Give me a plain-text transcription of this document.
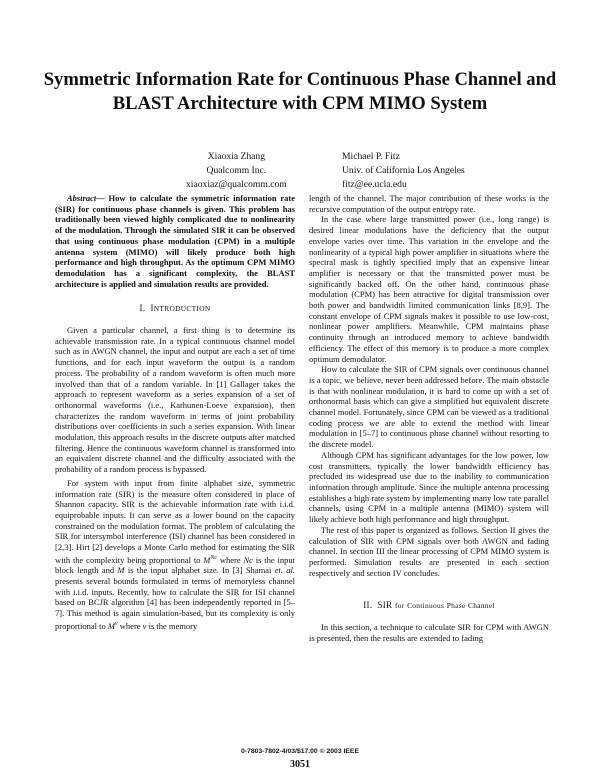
Symmetric Information Rate for Continuous Phase Channel and BLAST Architecture with CPM MIMO System
Xiaoxia Zhang
Qualcomm Inc.
xiaoxiaz@qualcomm.com
Michael P. Fitz
Univ. of California Los Angeles
fitz@ee.ucla.edu

Abstract— How to calculate the symmetric information rate (SIR) for continuous phase channels is given. This problem has traditionally been viewed highly complicated due to nonlinearity of the modulation. Through the simulated SIR it can be observed that using continuous phase modulation (CPM) in a multiple antenna system (MIMO) will likely produce both high performance and high throughput. As the optimum CPM MIMO demodulation has a significant complexity, the BLAST architecture is applied and simulation results are provided.

I. INTRODUCTION

Given a particular channel, a first thing is to determine its achievable transmission rate. In a typical continuous channel model such as in AWGN channel, the input and output are each a set of time functions, and for each input waveform the output is a random process. The probability of a random waveform is often much more involved than that of a random variable. In [1] Gallager takes the approach to represent waveform as a series expansion of a set of orthonormal waveforms (i.e., Karhunen-Loeve expansion), then characterizes the random waveform in terms of joint probability distributions over coefficients in such a series expansion. With linear modulation, this approach results in the discrete outputs after matched filtering. Hence the continuous waveform channel is transformed into an equivalent discrete channel and the difficulty associated with the probability of a random process is bypassed.

For system with input from finite alphabet size, symmetric information rate (SIR) is the measure often considered in place of Shannon capacity. SIR is the achievable information rate with i.i.d. equiprobable inputs. It can serve as a lower bound on the capacity constrained on the modulation format. The problem of calculating the SIR for intersymbol interference (ISI) channel has been considered in [2,3]. Hirt [2] develops a Monte Carlo method for estimating the SIR with the complexity being proportional to $M^{Nc}$ where Nc is the input block length and M is the input alphabet size. In [3] Shamai et. al. presents several bounds formulated in terms of memoryless channel with i.i.d. inputs. Recently, how to calculate the SIR for ISI channel based on BCJR algorithm [4] has been independently reported in [5–7]. This method is again simulation-based, but its complexity is only proportional to $M^\nu$ where ν is the memory

length of the channel. The major contribution of these works is the recursive computation of the output entropy rate.

In the case where large transmitted power (i.e., long range) is desired linear modulations have the deficiency that the output envelope varies over time. This variation in the envelope and the nonlinearity of a typical high power amplifier in situations where the spectral mask is tightly specified imply that an expensive linear amplifier is necessary or that the transmitted power must be significantly backed off. On the other hand, continuous phase modulation (CPM) has been attractive for digital transmission over both power and bandwidth limited communication links [8,9]. The constant envelope of CPM signals makes it possible to use low-cost, nonlinear power amplifiers. Meanwhile, CPM maintains phase continuity through an introduced memory to achieve bandwidth efficiency. The effect of this memory is to produce a more complex optimum demodulator.

How to calculate the SIR of CPM signals over continuous channel is a topic, we believe, never been addressed before. The main obstacle is that with nonlinear modulation, it is hard to come up with a set of orthonormal basis which can give a simplified but equivalent discrete channel model. Fortunately, since CPM can be viewed as a traditional coding process we are able to extend the method with linear modulation in [5–7] to continuous phase channel without resorting to the discrete model.

Although CPM has significant advantages for the low power, low cost transmitters, typically the lower bandwidth efficiency has precluded its widespread use due to the inability to communication information through amplitude. Since the multiple antenna processing establishes a high rate system by implementing many low rate parallel channels, using CPM in a multiple antenna (MIMO) system will likely achieve both high performance and high throughput.

The rest of this paper is organized as follows. Section II gives the calculation of SIR with CPM signals over both AWGN and fading channel. In section III the linear processing of CPM MIMO system is performed. Simulation results are presented in each section respectively and section IV concludes.

II. SIR for Continuous Phase Channel

In this section, a technique to calculate SIR for CPM with AWGN is presented, then the results are extended to fading

0-7803-7802-4/03/$17.00 © 2003 IEEE
3051
